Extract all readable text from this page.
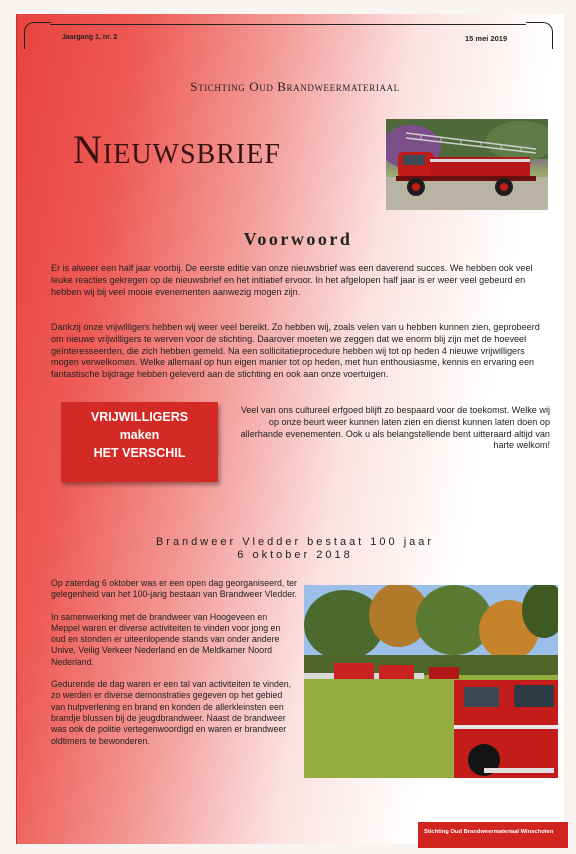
Jaargang 1, nr. 2	15 mei 2019
Stichting Oud Brandweermateriaal
Nieuwsbrief
Voorwoord

Er is alweer een half jaar voorbij. De eerste editie van onze nieuwsbrief was een daverend succes. We hebben ook veel leuke reacties gekregen op de nieuwsbrief en het initiatief ervoor. In het afgelopen half jaar is er weer veel gebeurd en hebben wij bij veel mooie evenementen aanwezig mogen zijn.

Dankzij onze vrijwilligers hebben wij weer veel bereikt. Zo hebben wij, zoals velen van u hebben kunnen zien, geprobeerd om nieuwe vrijwilligers te werven voor de stichting. Daarover moeten we zeggen dat we enorm blij zijn met de hoeveel geïnteresseerden, die zich hebben gemeld. Na een sollicitatieprocedure hebben wij tot op heden 4 nieuwe vrijwilligers mogen verwelkomen. Welke allemaal op hun eigen manier tot op heden, met hun enthousiasme, kennis en ervaring een fantastische bijdrage hebben geleverd aan de stichting en ook aan onze voertuigen.

VRIJWILLIGERS
maken
HET VERSCHIL

Veel van ons cultureel erfgoed blijft zo bespaard voor de toekomst. Welke wij op onze beurt weer kunnen laten zien en dienst kunnen laten doen op allerhande evenementen. Ook u als belangstellende bent uitteraard altijd van harte welkom!

Brandweer Vledder bestaat 100 jaar
6 oktober 2018

Op zaterdag 6 oktober was er een open dag georganiseerd, ter gelegenheid van het 100-jarig bestaan van Brandweer Vledder.

In samenwerking met de brandweer van Hoogeveen en Meppel waren er diverse activiteiten te vinden voor jong en oud en stonden er uiteenlopende stands van onder andere Unive, Veilig Verkeer Nederland en de Meldkamer Noord Nederland.

Gedurende de dag waren er een tal van activiteiten te vinden, zo werden er diverse demonstraties gegeven op het gebied van hulpverlening en brand en konden de allerkleinsten een brandje blussen bij de jeugdbrandweer. Naast de brandweer was ook de politie vertegenwoordigd en waren er brandweer oldtimers te bewonderen.

Stichting Oud Brandweermateriaal Winschoten
